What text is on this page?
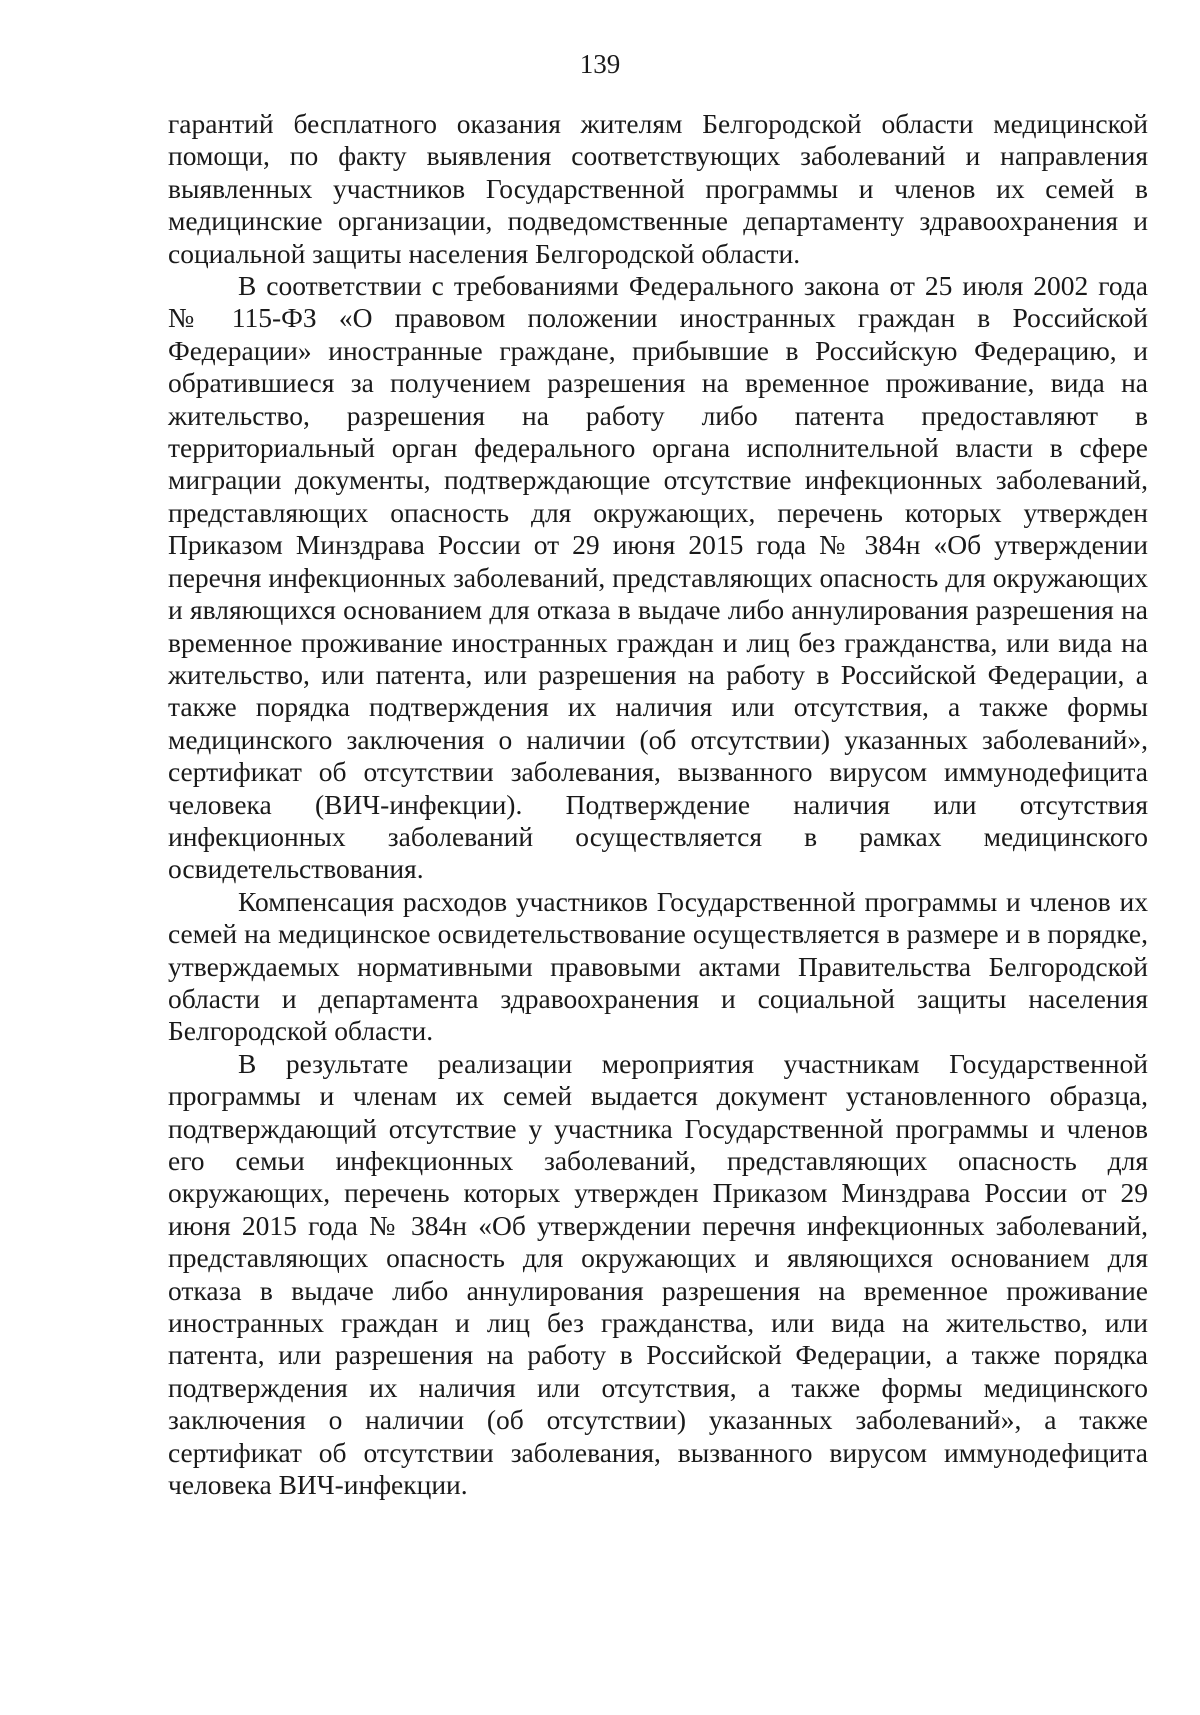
139

гарантий бесплатного оказания жителям Белгородской области медицинской помощи, по факту выявления соответствующих заболеваний и направления выявленных участников Государственной программы и членов их семей в медицинские организации, подведомственные департаменту здравоохранения и социальной защиты населения Белгородской области.

В соответствии с требованиями Федерального закона от 25 июля 2002 года № 115-ФЗ «О правовом положении иностранных граждан в Российской Федерации» иностранные граждане, прибывшие в Российскую Федерацию, и обратившиеся за получением разрешения на временное проживание, вида на жительство, разрешения на работу либо патента предоставляют в территориальный орган федерального органа исполнительной власти в сфере миграции документы, подтверждающие отсутствие инфекционных заболеваний, представляющих опасность для окружающих, перечень которых утвержден Приказом Минздрава России от 29 июня 2015 года № 384н «Об утверждении перечня инфекционных заболеваний, представляющих опасность для окружающих и являющихся основанием для отказа в выдаче либо аннулирования разрешения на временное проживание иностранных граждан и лиц без гражданства, или вида на жительство, или патента, или разрешения на работу в Российской Федерации, а также порядка подтверждения их наличия или отсутствия, а также формы медицинского заключения о наличии (об отсутствии) указанных заболеваний», сертификат об отсутствии заболевания, вызванного вирусом иммунодефицита человека (ВИЧ-инфекции). Подтверждение наличия или отсутствия инфекционных заболеваний осуществляется в рамках медицинского освидетельствования.

Компенсация расходов участников Государственной программы и членов их семей на медицинское освидетельствование осуществляется в размере и в порядке, утверждаемых нормативными правовыми актами Правительства Белгородской области и департамента здравоохранения и социальной защиты населения Белгородской области.

В результате реализации мероприятия участникам Государственной программы и членам их семей выдается документ установленного образца, подтверждающий отсутствие у участника Государственной программы и членов его семьи инфекционных заболеваний, представляющих опасность для окружающих, перечень которых утвержден Приказом Минздрава России от 29 июня 2015 года № 384н «Об утверждении перечня инфекционных заболеваний, представляющих опасность для окружающих и являющихся основанием для отказа в выдаче либо аннулирования разрешения на временное проживание иностранных граждан и лиц без гражданства, или вида на жительство, или патента, или разрешения на работу в Российской Федерации, а также порядка подтверждения их наличия или отсутствия, а также формы медицинского заключения о наличии (об отсутствии) указанных заболеваний», а также сертификат об отсутствии заболевания, вызванного вирусом иммунодефицита человека ВИЧ-инфекции.
